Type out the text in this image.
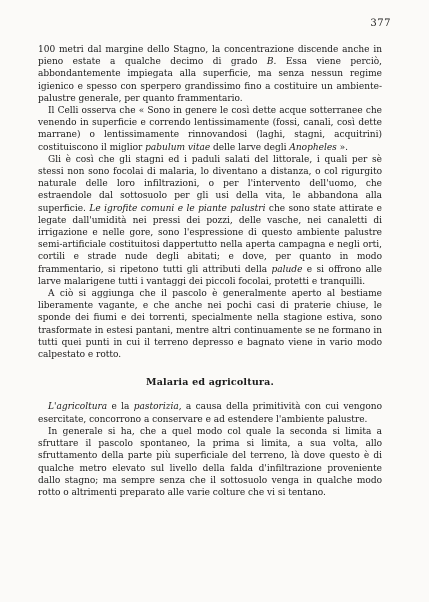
377

100 metri dal margine dello Stagno, la concentrazione discende anche in pieno estate a qualche decimo di grado B. Essa viene perciò, abbondantemente impiegata alla superficie, ma senza nessun regime igienico e spesso con sperpero grandissimo fino a costituire un ambiente-palustre generale, per quanto frammentario.

Il Celli osserva che « Sono in genere le così dette acque sotterranee che venendo in superficie e correndo lentissimamente (fossi, canali, così dette marrane) o lentissimamente rinnovandosi (laghi, stagni, acquitrini) costituiscono il miglior pabulum vitae delle larve degli Anopheles ».

Gli è così che gli stagni ed i paduli salati del littorale, i quali per sè stessi non sono focolai di malaria, lo diventano a distanza, o col rigurgito naturale delle loro infiltrazioni, o per l'intervento dell'uomo, che estraendole dal sottosuolo per gli usi della vita, le abbandona alla superficie. Le igrofite comuni e le piante palustri che sono state attirate e legate dall'umidità nei pressi dei pozzi, delle vasche, nei canaletti di irrigazione e nelle gore, sono l'espressione di questo ambiente palustre semi-artificiale costituitosi dappertutto nella aperta campagna e negli orti, cortili e strade nude degli abitati; e dove, per quanto in modo frammentario, si ripetono tutti gli attributi della palude e si offrono alle larve malarigene tutti i vantaggi dei piccoli focolai, protetti e tranquilli.

A ciò si aggiunga che il pascolo è generalmente aperto al bestiame liberamente vagante, e che anche nei pochi casi di praterie chiuse, le sponde dei fiumi e dei torrenti, specialmente nella stagione estiva, sono trasformate in estesi pantani, mentre altri continuamente se ne formano in tutti quei punti in cui il terreno depresso e bagnato viene in vario modo calpestato e rotto.

Malaria ed agricoltura.

L'agricoltura e la pastorizia, a causa della primitività con cui vengono esercitate, concorrono a conservare e ad estendere l'ambiente palustre.

In generale si ha, che a quel modo col quale la seconda si limita a sfruttare il pascolo spontaneo, la prima si limita, a sua volta, allo sfruttamento della parte più superficiale del terreno, là dove questo è di qualche metro elevato sul livello della falda d'infiltrazione proveniente dallo stagno; ma sempre senza che il sottosuolo venga in qualche modo rotto o altrimenti preparato alle varie colture che vi si tentano.
